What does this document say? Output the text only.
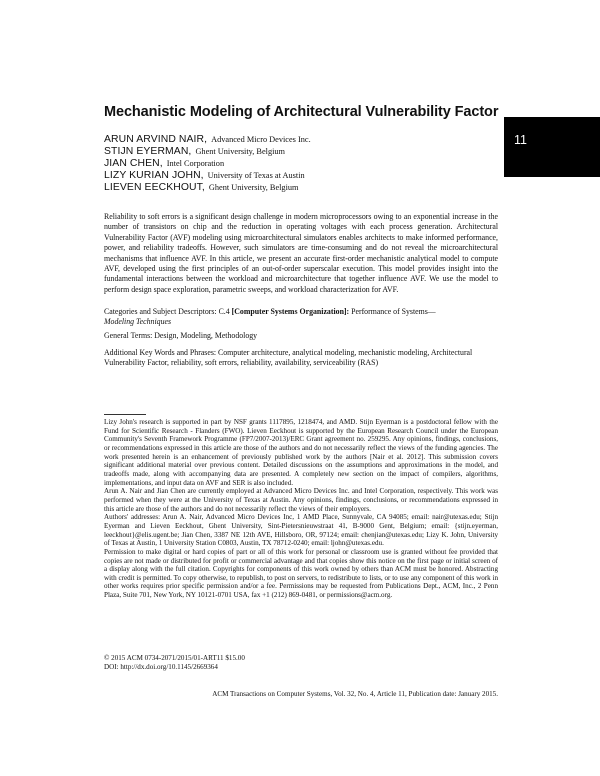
Mechanistic Modeling of Architectural Vulnerability Factor
ARUN ARVIND NAIR, Advanced Micro Devices Inc.
STIJN EYERMAN, Ghent University, Belgium
JIAN CHEN, Intel Corporation
LIZY KURIAN JOHN, University of Texas at Austin
LIEVEN EECKHOUT, Ghent University, Belgium
11

Reliability to soft errors is a significant design challenge in modern microprocessors owing to an exponential increase in the number of transistors on chip and the reduction in operating voltages with each process generation. Architectural Vulnerability Factor (AVF) modeling using microarchitectural simulators enables architects to make informed performance, power, and reliability tradeoffs. However, such simulators are time-consuming and do not reveal the microarchitectural mechanisms that influence AVF. In this article, we present an accurate first-order mechanistic analytical model to compute AVF, developed using the first principles of an out-of-order superscalar execution. This model provides insight into the fundamental interactions between the workload and microarchitecture that together influence AVF. We use the model to perform design space exploration, parametric sweeps, and workload characterization for AVF.

Categories and Subject Descriptors: C.4 [Computer Systems Organization]: Performance of Systems—
Modeling Techniques

General Terms: Design, Modeling, Methodology

Additional Key Words and Phrases: Computer architecture, analytical modeling, mechanistic modeling, Architectural Vulnerability Factor, reliability, soft errors, reliability, availability, serviceability (RAS)

Lizy John's research is supported in part by NSF grants 1117895, 1218474, and AMD. Stijn Eyerman is a postdoctoral fellow with the Fund for Scientific Research - Flanders (FWO). Lieven Eeckhout is supported by the European Research Council under the European Community's Seventh Framework Programme (FP7/2007-2013)/ERC Grant agreement no. 259295. Any opinions, findings, conclusions, or recommendations expressed in this article are those of the authors and do not necessarily reflect the views of the funding agencies. The work presented herein is an enhancement of previously published work by the authors [Nair et al. 2012]. This submission covers significant additional material over previous content. Detailed discussions on the assumptions and approximations in the model, and tradeoffs made, along with accompanying data are presented. A completely new section on the impact of compilers, algorithms, implementations, and input data on AVF and SER is also included.

Arun A. Nair and Jian Chen are currently employed at Advanced Micro Devices Inc. and Intel Corporation, respectively. This work was performed when they were at the University of Texas at Austin. Any opinions, findings, conclusions, or recommendations expressed in this article are those of the authors and do not necessarily reflect the views of their employers.

Authors' addresses: Arun A. Nair, Advanced Micro Devices Inc, 1 AMD Place, Sunnyvale, CA 94085; email: nair@utexas.edu; Stijn Eyerman and Lieven Eeckhout, Ghent University, Sint-Pietersnieuwstraat 41, B-9000 Gent, Belgium; email: {stijn.eyerman, leeckhout}@elis.ugent.be; Jian Chen, 3387 NE 12th AVE, Hillsboro, OR, 97124; email: chenjian@utexas.edu; Lizy K. John, University of Texas at Austin, 1 University Station C0803, Austin, TX 78712-0240; email: ljohn@utexas.edu.

Permission to make digital or hard copies of part or all of this work for personal or classroom use is granted without fee provided that copies are not made or distributed for profit or commercial advantage and that copies show this notice on the first page or initial screen of a display along with the full citation. Copyrights for components of this work owned by others than ACM must be honored. Abstracting with credit is permitted. To copy otherwise, to republish, to post on servers, to redistribute to lists, or to use any component of this work in other works requires prior specific permission and/or a fee. Permissions may be requested from Publications Dept., ACM, Inc., 2 Penn Plaza, Suite 701, New York, NY 10121-0701 USA, fax +1 (212) 869-0481, or permissions@acm.org.

© 2015 ACM 0734-2071/2015/01-ART11 $15.00
DOI: http://dx.doi.org/10.1145/2669364
ACM Transactions on Computer Systems, Vol. 32, No. 4, Article 11, Publication date: January 2015.
